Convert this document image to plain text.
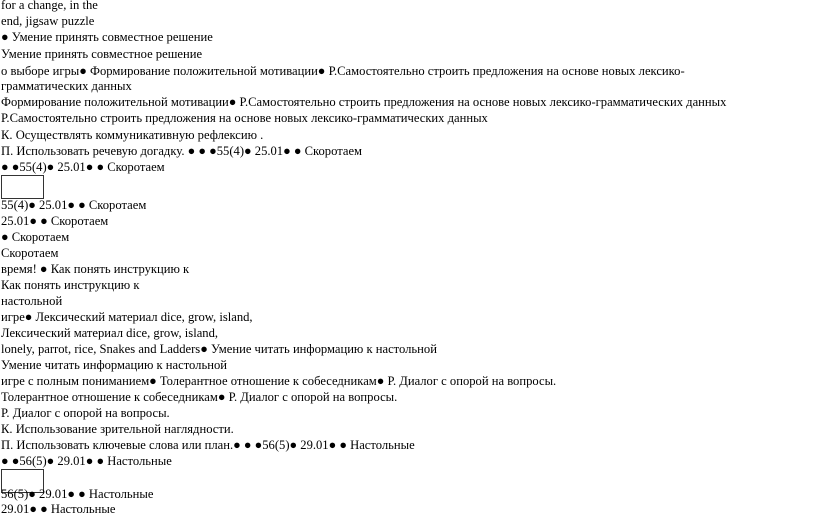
for a change, in the
end, jigsaw puzzle
● Умение принять совместное решение
Умение принять совместное решение
о выборе игры● Формирование положительной мотивации● Р.Самостоятельно строить предложения на основе новых лексико-
грамматических данных
Формирование положительной мотивации● Р.Самостоятельно строить предложения на основе новых лексико-грамматических данных
Р.Самостоятельно строить предложения на основе новых лексико-грамматических данных
К. Осуществлять коммуникативную рефлексию .
П. Использовать речевую догадку. ● ● ●55(4)● 25.01● ● Скоротаем
● ●55(4)● 25.01● ● Скоротаем
55(4)● 25.01● ● Скоротаем
25.01● ● Скоротаем
● Скоротаем
Скоротаем
время! ● Как понять инструкцию к
Как понять инструкцию к
настольной
игре● Лексический материал dice, grow, island,
Лексический материал dice, grow, island,
lonely, parrot, rice, Snakes and Ladders● Умение читать информацию к настольной
Умение читать информацию к настольной
игре с полным пониманием● Толерантное отношение к собеседникам● Р. Диалог с опорой на вопросы.
Толерантное отношение к собеседникам● Р. Диалог с опорой на вопросы.
Р. Диалог с опорой на вопросы.
К. Использование зрительной наглядности.
П. Использовать ключевые слова или план.● ● ●56(5)● 29.01● ● Настольные
● ●56(5)● 29.01● ● Настольные
56(5)● 29.01● ● Настольные
29.01● ● Настольные
